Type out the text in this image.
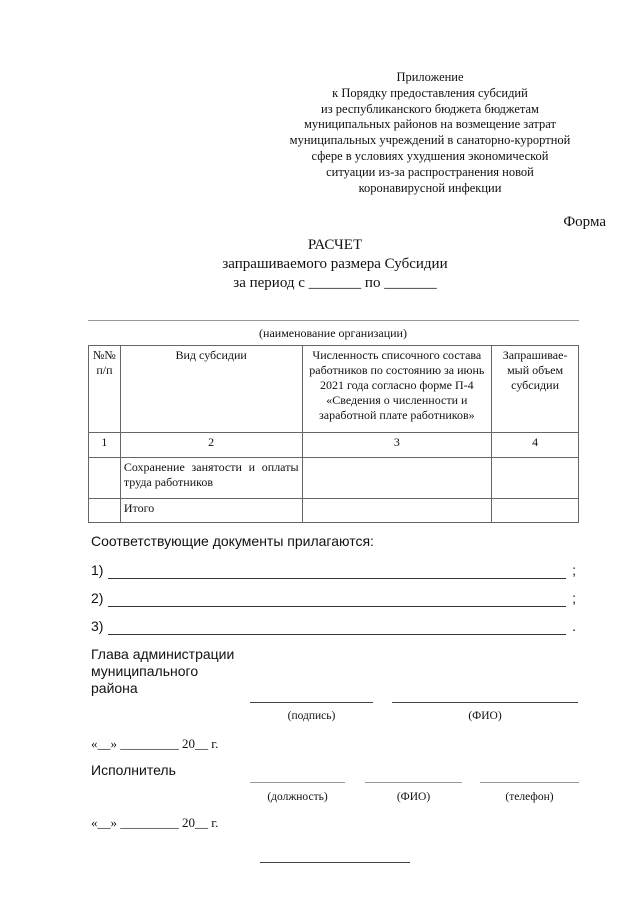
Приложение
к Порядку предоставления субсидий
из республиканского бюджета бюджетам
муниципальных районов на возмещение затрат
муниципальных учреждений в санаторно-курортной
сфере в условиях ухудшения экономической
ситуации из-за распространения новой
коронавирусной инфекции
Форма
РАСЧЕТ
запрашиваемого размера Субсидии
за период с _______ по _______
(наименование организации)
№№ п/п	Вид субсидии	Численность списочного состава работников по состоянию за июнь 2021 года согласно форме П-4 «Сведения о численности и заработной плате работников»	Запрашивае-мый объем субсидии
1	2	3	4
	Сохранение занятости и оплаты труда работников		
	Итого		
Соответствующие документы прилагаются:
1)	;
2)	;
3)	.
Глава администрации
муниципального
района
(подпись)	(ФИО)
«__» _________ 20__ г.
Исполнитель
(должность)	(ФИО)	(телефон)
«__» _________ 20__ г.
